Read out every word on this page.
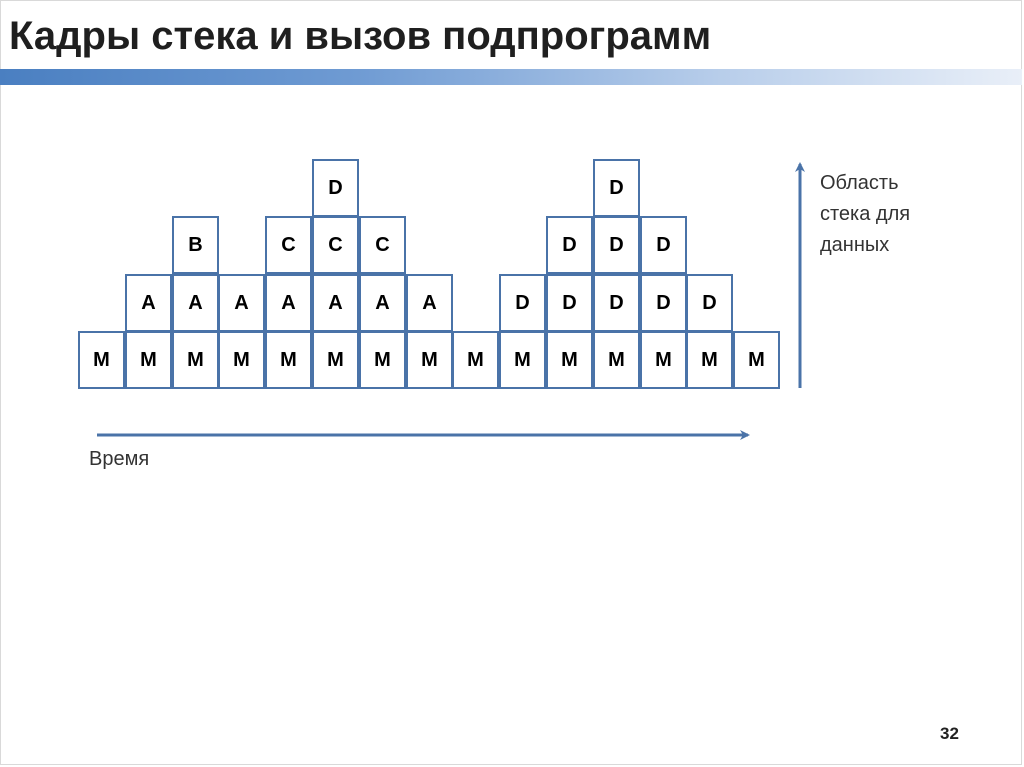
Кадры стека и вызов подпрограмм
M	M
A
M
A
B
M
A
M
A
C
M
A
C
D
M
A
C
M
A
M	M
D
M
D
D
M
D
D
D
M
D
D
M
D
M
Область
стека для
данных
Время
32
